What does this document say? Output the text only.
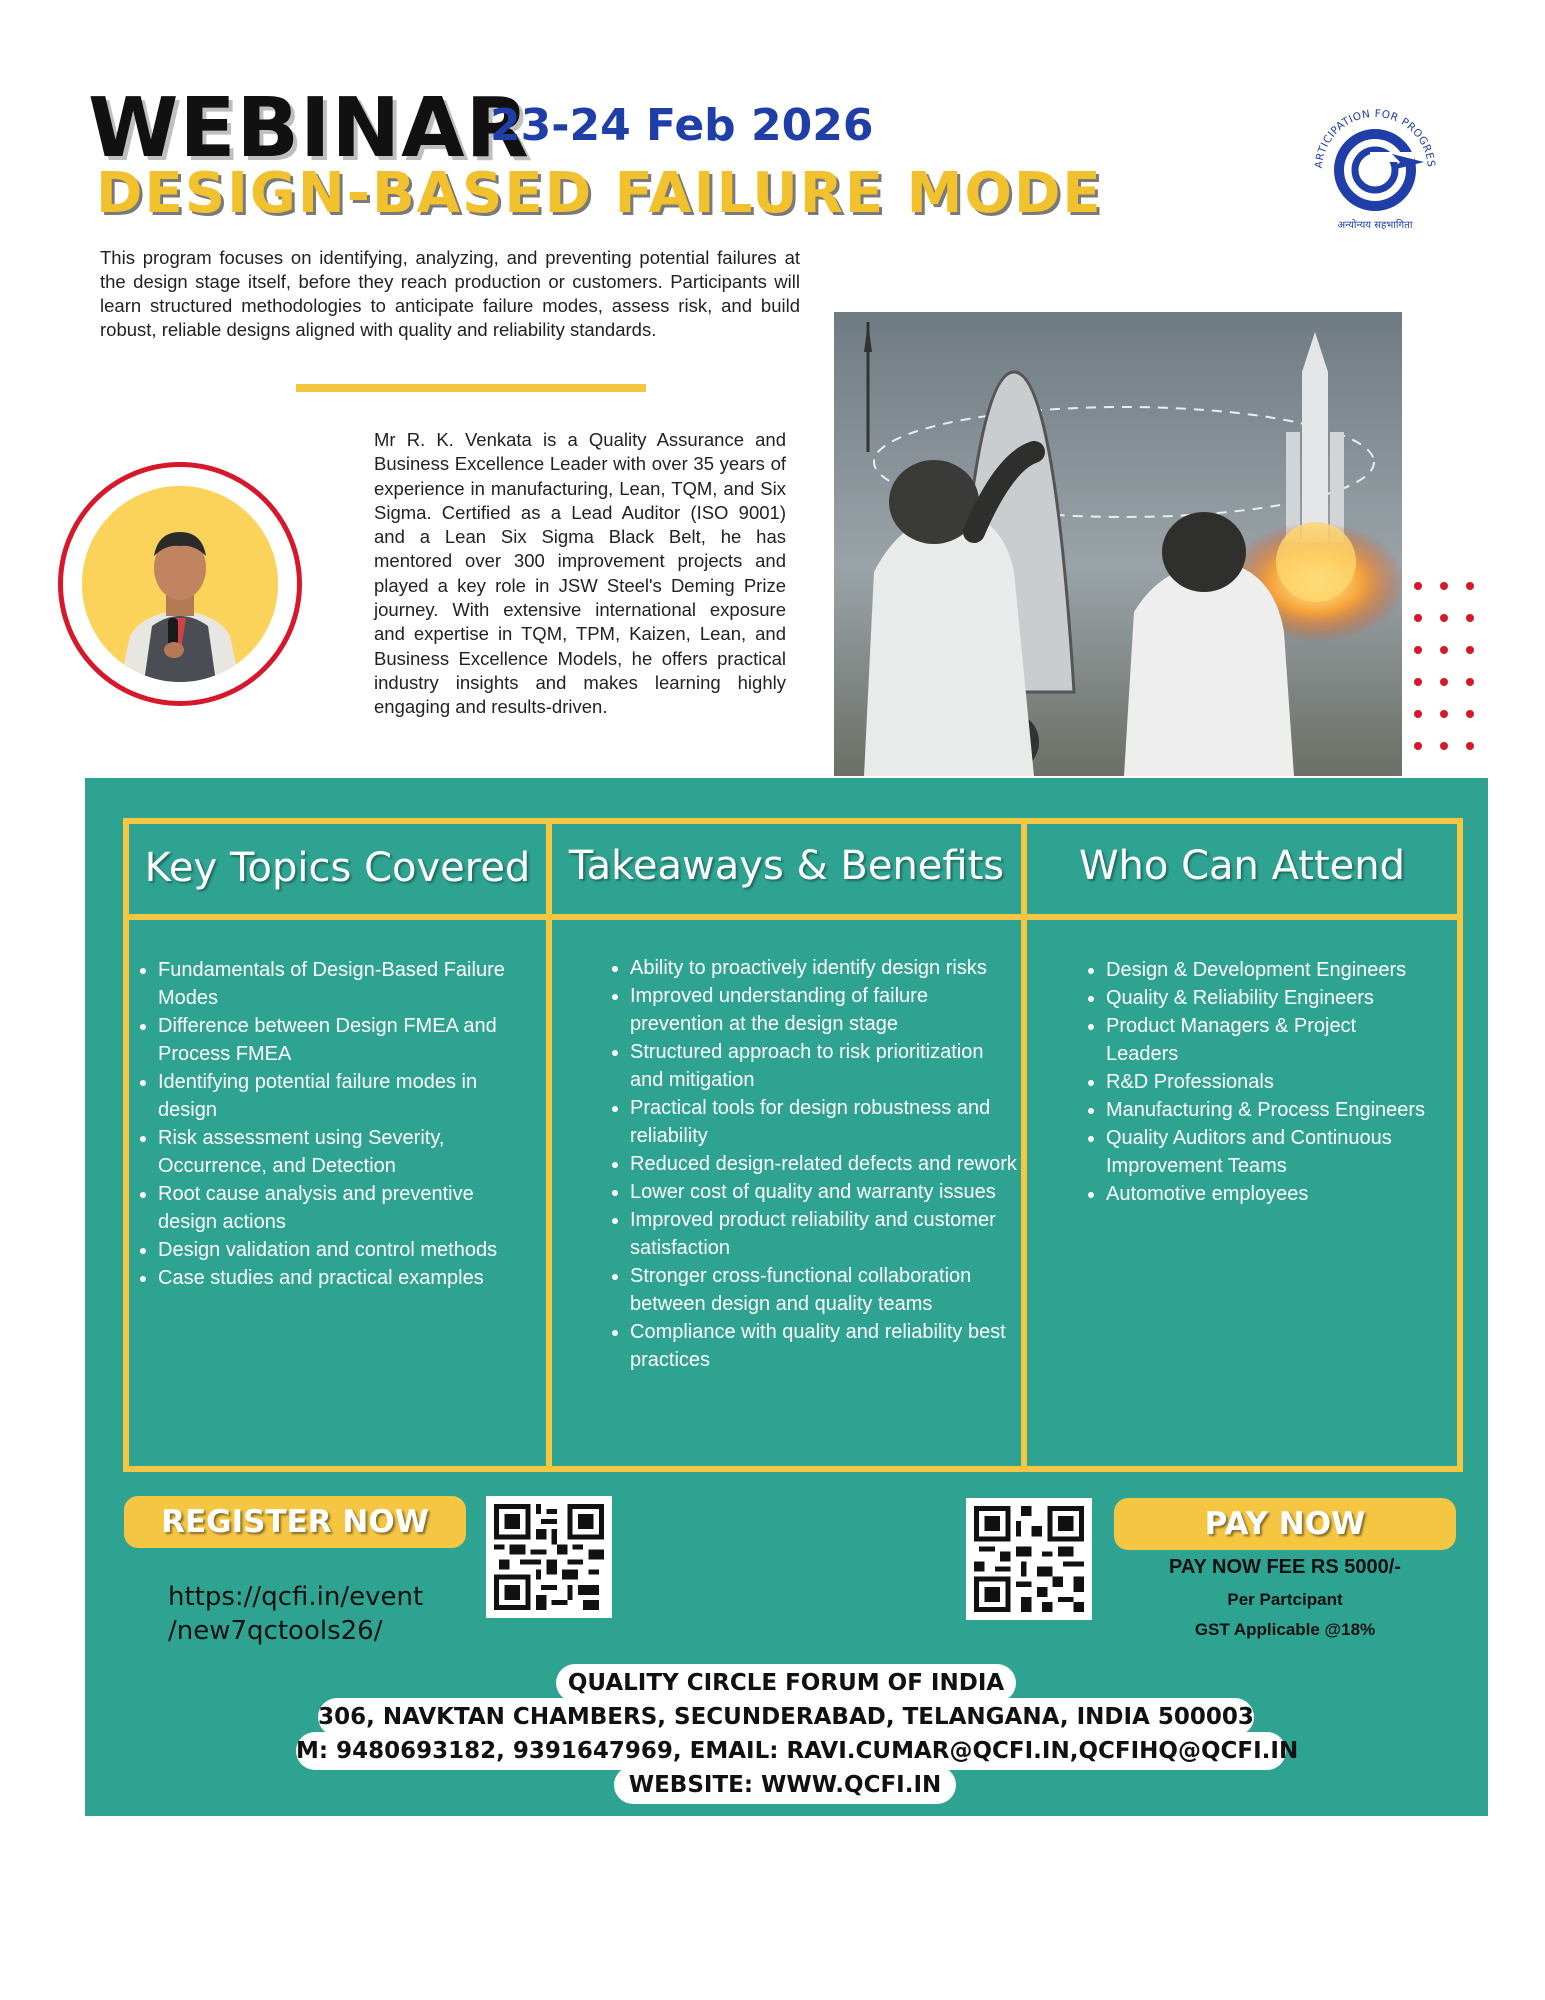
WEBINAR
23-24 Feb 2026
DESIGN-BASED FAILURE MODE	ARTICIPATION FOR PROGRES
अन्योन्यय सहभागिता
This program focuses on identifying, analyzing, and preventing potential failures at the design stage itself, before they reach production or customers. Participants will learn structured methodologies to anticipate failure modes, assess risk, and build robust, reliable designs aligned with quality and reliability standards.
Mr R. K. Venkata is a Quality Assurance and Business Excellence Leader with over 35 years of experience in manufacturing, Lean, TQM, and Six Sigma. Certified as a Lead Auditor (ISO 9001) and a Lean Six Sigma Black Belt, he has mentored over 300 improvement projects and played a key role in JSW Steel's Deming Prize journey. With extensive international exposure and expertise in TQM, TPM, Kaizen, Lean, and Business Excellence Models, he offers practical industry insights and makes learning highly engaging and results-driven.
Key Topics Covered Takeaways & Benefits	Who Can Attend
• Fundamentals of Design-Based Failure Modes
• Difference between Design FMEA and Process FMEA
• Identifying potential failure modes in design
• Risk assessment using Severity, Occurrence, and Detection
• Root cause analysis and preventive design actions
• Design validation and control methods
• Case studies and practical examples
• Ability to proactively identify design risks
• Improved understanding of failure prevention at the design stage
• Structured approach to risk prioritization and mitigation
• Practical tools for design robustness and reliability
• Reduced design-related defects and rework
• Lower cost of quality and warranty issues
• Improved product reliability and customer satisfaction
• Stronger cross-functional collaboration between design and quality teams
• Compliance with quality and reliability best practices
• Design & Development Engineers
• Quality & Reliability Engineers
• Product Managers & Project Leaders
• R&D Professionals
• Manufacturing & Process Engineers
• Quality Auditors and Continuous Improvement Teams
• Automotive employees
REGISTER NOW
https://qcfi.in/event
/new7qctools26/
PAY NOW
PAY NOW FEE RS 5000/-
Per Partcipant
GST Applicable @18%
QUALITY CIRCLE FORUM OF INDIA
306, NAVKTAN CHAMBERS, SECUNDERABAD, TELANGANA, INDIA 500003
M: 9480693182, 9391647969, EMAIL: RAVI.CUMAR@QCFI.IN,QCFIHQ@QCFI.IN
WEBSITE: WWW.QCFI.IN
